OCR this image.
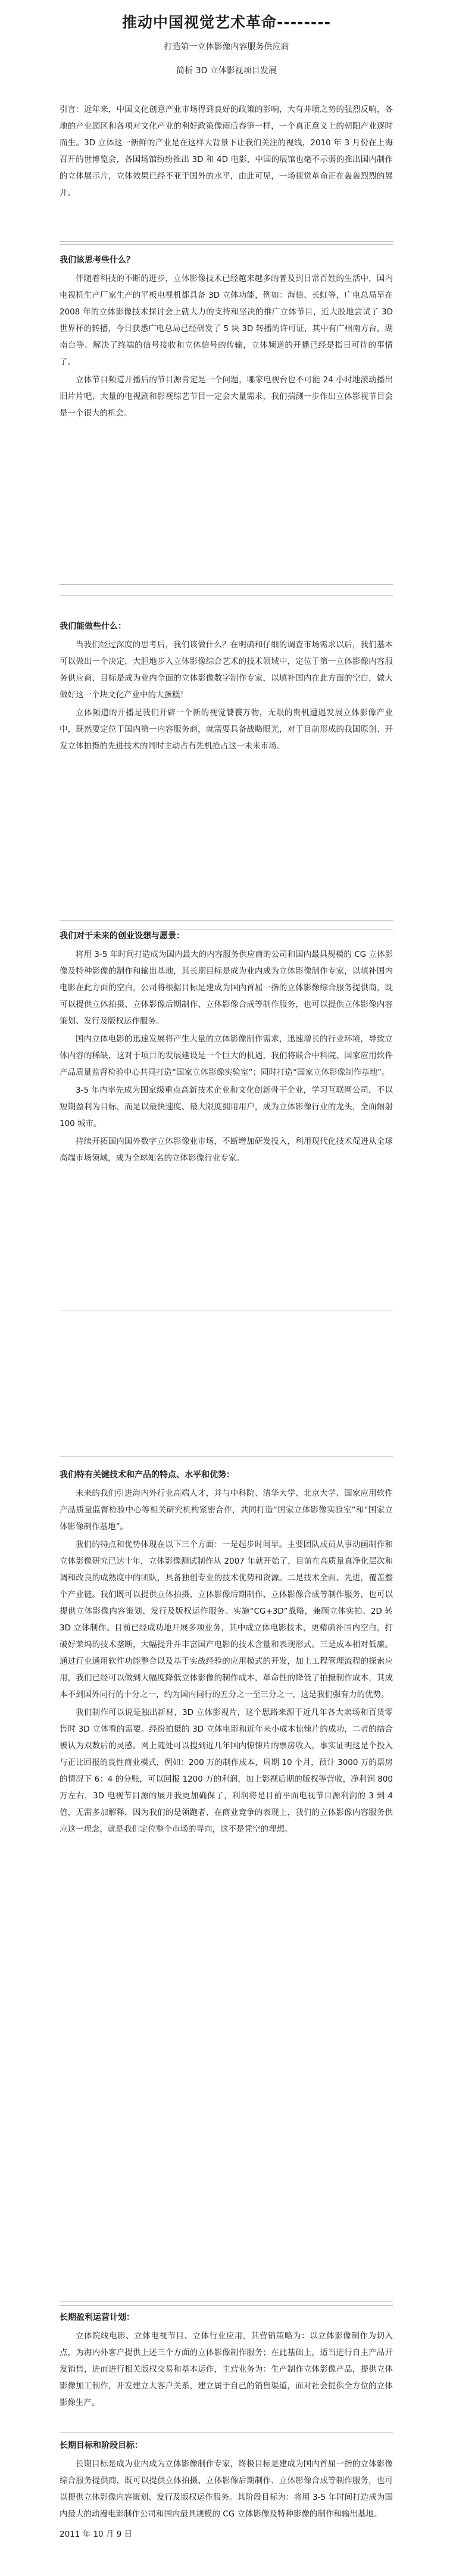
推动中国视觉艺术革命--------
打造第一立体影像内容服务供应商
简析 3D 立体影视项目发展

引言：近年来，中国文化创意产业市场得到良好的政策的影响，大有井喷之势的强烈反响，各地的产业园区和各项对文化产业的利好政策像雨后春笋一样，一个真正意义上的朝阳产业逐时而生。3D 立体这一新鲜的产业是在这样大背景下让我们关注的视线，2010 年 3 月份在上海召开的世博览会，各国场馆纷纷推出 3D 和 4D 电影，中国的展馆也毫不示弱的推出国内制作的立体展示片，立体效果已经不亚于国外的水平，由此可见，一场视觉革命正在轰轰烈烈的展开。

我们该思考些什么？

伴随着科技的不断的进步，立体影像技术已经越来越多的普及到日常百姓的生活中，国内电视机生产厂家生产的平板电视机都具备 3D 立体功能，例如：海信、长虹等，广电总局早在 2008 年的立体影像技术探讨会上就大力的支持和坚决的推广立体节目，近大股地尝试了 3D 世界杯的转播，今日获悉广电总局已经研发了 5 块 3D 转播的许可证，其中有广州南方台，湖南台等。解决了终端的信号接收和立体信号的传输，立体频道的开播已经是指日可待的事情了。

立体节目频道开播后的节目源肯定是一个问题，哪家电视台也不可能 24 小时地滚动播出旧片片吧，大量的电视剧和影视综艺节目一定会大量需求，我们揣测一步作出立体影视节目会是一个很大的机会。

我们能做些什么：

当我们经过深度的思考后，我们该做什么？在明确和仔细的调查市场需求以后，我们基本可以做出一个决定，大胆地步入立体影像综合艺术的技术领域中，定位于第一立体影像内容服务供应商，目标是成为业内全面的立体影像数字制作专家，以填补国内在此方面的空白，做大做好这一个块文化产业中的大蛋糕！

立体频道的开播是我们开辟一个新的视觉饕餮万物，无限的贵机遭遇发展立体影像产业中，既然要定位于国内第一内容服务商，就需要具备战略眼光，对于目前形成的我国原创、开发立体拍摄的先进技术的同时主动占有先机抢占这一未来市场。

我们对于未来的创业设想与愿景：

将用 3-5 年时间打造成为国内最大的内容服务供应商的公司和国内最具规模的 CG 立体影像及特种影像的制作和输出基地，其长期目标是成为业内成为立体影像制作专家，以填补国内电影在此方面的空白，公司将根据目标是建成为国内首屈一指的立体影像综合服务提供商，既可以提供立体拍摄、立体影像后期制作、立体影像合成等制作服务，也可以提供立体影像内容策划、发行及版权运作服务。

国内立体电影的迅速发展将产生大量的立体影像制作需求，迅速增长的行业环境，导致立体内容的稀缺，这对于项目的发展建设是一个巨大的机遇，我们将联合中科院、国家应用软件产品质量监督检验中心共同打造“国家立体影像实验室”；同时打造“国家立体影像制作基地”。

3-5 年内率先成为国家级重点高新技术企业和文化创新骨干企业，学习互联网公司，不以短期盈利为目标，而是以最快速度、最大限度拥用用户，成为立体影像行业的龙头，全面辐射 100 城市。

持续开拓国内国外数字立体影像业市场，不断增加研发投入，利用现代化技术促进从全球高端市场领域，成为全球知名的立体影像行业专家。

我们特有关键技术和产品的特点、水平和优势：

未来的我们引进海内外行业高端人才，并与中科院、清华大学、北京大学、国家应用软件产品质量监督检验中心等相关研究机构紧密合作，共同打造“国家立体影像实验室”和“国家立体影像制作基地”。

我们的特点和优势体现在以下三个方面：一是起步时间早。主要团队成员从事动画制作和立体影像研究已达十年，立体影像测试制作从 2007 年就开始了，目前在高质量真净化层次和调和改良的成熟度中的团队，具备独创专业的技术优势和资源。二是技术全面、先进，覆盖整个产业链。我们既可以提供立体拍摄、立体影像后期制作、立体影像合成等制作服务，也可以提供立体影像内容策划、发行及版权运作服务。实施“CG+3D”战略，兼顾立体实拍、2D 转 3D 立体制作。目前已经成功地开展多项业务，其中成立体电影技术，更精确补国内空白，打破好莱坞的技术垄断，大幅提升并丰富国产电影的技术含量和表现形式。三是成本相对低廉。通过行业通用软件功能整合以及基于实战经验的应用模式的开发，加上工程管理流程的探索应用，我们已经可以做到大幅度降低立体影像的制作成本，革命性的降低了拍摄制作成本，其成本不到国外同行的十分之一，约为国内同行的五分之一至三分之一，这是我们强有力的优势。

我们制作可以说是独出新材，3D 立体影视片，这个思路来源于近几年各大卖场和百货零售时 3D 立体看的需要。经纷拍摄的 3D 立体电影和近年来小成本惊悚片的成功，二者的结合被认为双数后的灵感。网上随处可以搜到近几年国内惊悚片的票房收入，事实证明这是个投入与正比回报的良性商业模式，例如：200 万的制作成本，周期 10 个月，预计 3000 万的票房的情况下 6：4 的分账，可以回报 1200 万的利润，加上影视后期的版权等营收，净利润 800 万左右，3D 电视节目源的展开我更加确保了，利润将是目前平面电视节目源利润的 3 到 4 倍，无需多加解释，因为我们的是领跑者，在商业竞争的表现上，我们的立体影像内容服务供应这一理念，就是我们定位整个市场的导向，这不是凭空的理想。

长期盈利运营计划：

立体院线电影、立体电视节目、立体行业应用，其营销策略为：以立体影像制作为切入点，为海内外客户提供上述三个方面的立体影像制作服务；在此基础上，适当进行自主产品开发销售，进而进行相关版权交易和基本运作，主营业务为：生产制作立体影像产品，提供立体影像加工制作，开发建立大客户关系，建立属于自己的销售渠道，面对社会提供全方位的立体影像生产。

长期目标和阶段目标：

长期目标是成为业内成为立体影像制作专家，终极目标是建成为国内首屈一指的立体影像综合服务提供商，既可以提供立体拍摄、立体影像后期制作、立体影像合成等制作服务，也可以提供立体影像内容策划、发行及版权运作服务。其阶段目标为：将用 3-5 年时间打造成为国内最大的动漫电影制作公司和国内最具规模的 CG 立体影像及特种影像的制作和输出基地。

2011 年 10 月 9 日
